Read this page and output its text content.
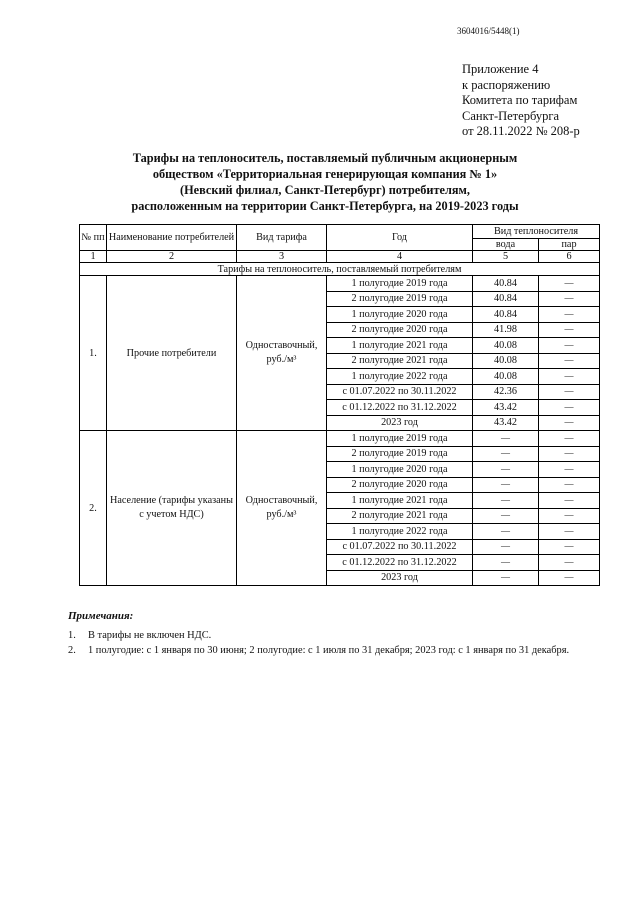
3604016/5448(1)
Приложение 4
к распоряжению
Комитета по тарифам
Санкт-Петербурга
от 28.11.2022 № 208-р
Тарифы на теплоноситель, поставляемый публичным акционерным
обществом «Территориальная генерирующая компания № 1»
(Невский филиал, Санкт-Петербург) потребителям,
расположенным на территории Санкт-Петербурга, на 2019-2023 годы
№ пп	Наименование потребителей	Вид тарифа	Год	Вид теплоносителя	
				вода	пар
1	2	3	4	5	6
Тарифы на теплоноситель, поставляемый потребителям					
1.	Прочие потребители	Одноставочный, руб./м³	1 полугодие 2019 года	40.84	—
			2 полугодие 2019 года	40.84	—
			1 полугодие 2020 года	40.84	—
			2 полугодие 2020 года	41.98	—
			1 полугодие 2021 года	40.08	—
			2 полугодие 2021 года	40.08	—
			1 полугодие 2022 года	40.08	—
			с 01.07.2022 по 30.11.2022	42.36	—
			с 01.12.2022 по 31.12.2022	43.42	—
			2023 год	43.42	—
2.	Население (тарифы указаны с учетом НДС)	Одноставочный, руб./м³	1 полугодие 2019 года	—	—
			2 полугодие 2019 года	—	—
			1 полугодие 2020 года	—	—
			2 полугодие 2020 года	—	—
			1 полугодие 2021 года	—	—
			2 полугодие 2021 года	—	—
			1 полугодие 2022 года	—	—
			с 01.07.2022 по 30.11.2022	—	—
			с 01.12.2022 по 31.12.2022	—	—
			2023 год	—	—
Примечания:
1. В тарифы не включен НДС.
2. 1 полугодие: с 1 января по 30 июня; 2 полугодие: с 1 июля по 31 декабря; 2023 год: с 1 января по 31 декабря.
